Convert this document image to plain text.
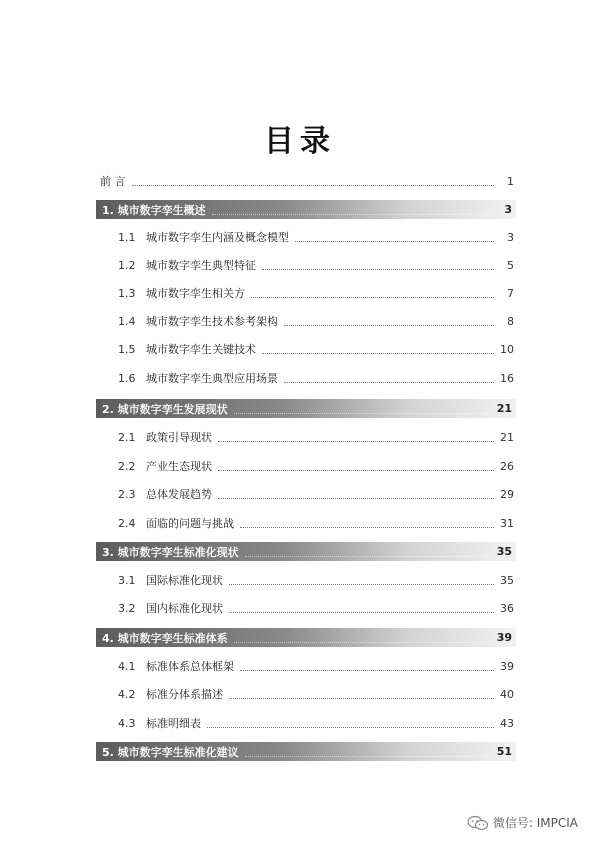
目录
前 言	1
1. 城市数字孪生概述	3
1.1 城市数字孪生内涵及概念模型	3
1.2 城市数字孪生典型特征	5
1.3 城市数字孪生相关方	7
1.4 城市数字孪生技术参考架构	8
1.5 城市数字孪生关键技术	10
1.6 城市数字孪生典型应用场景	16
2. 城市数字孪生发展现状	21
2.1 政策引导现状	21
2.2 产业生态现状	26
2.3 总体发展趋势	29
2.4 面临的问题与挑战	31
3. 城市数字孪生标准化现状	35
3.1 国际标准化现状	35
3.2 国内标准化现状	36
4. 城市数字孪生标准体系	39
4.1 标准体系总体框架	39
4.2 标准分体系描述	40
4.3 标准明细表	43
5. 城市数字孪生标准化建议	51
微信号: IMPCIA
